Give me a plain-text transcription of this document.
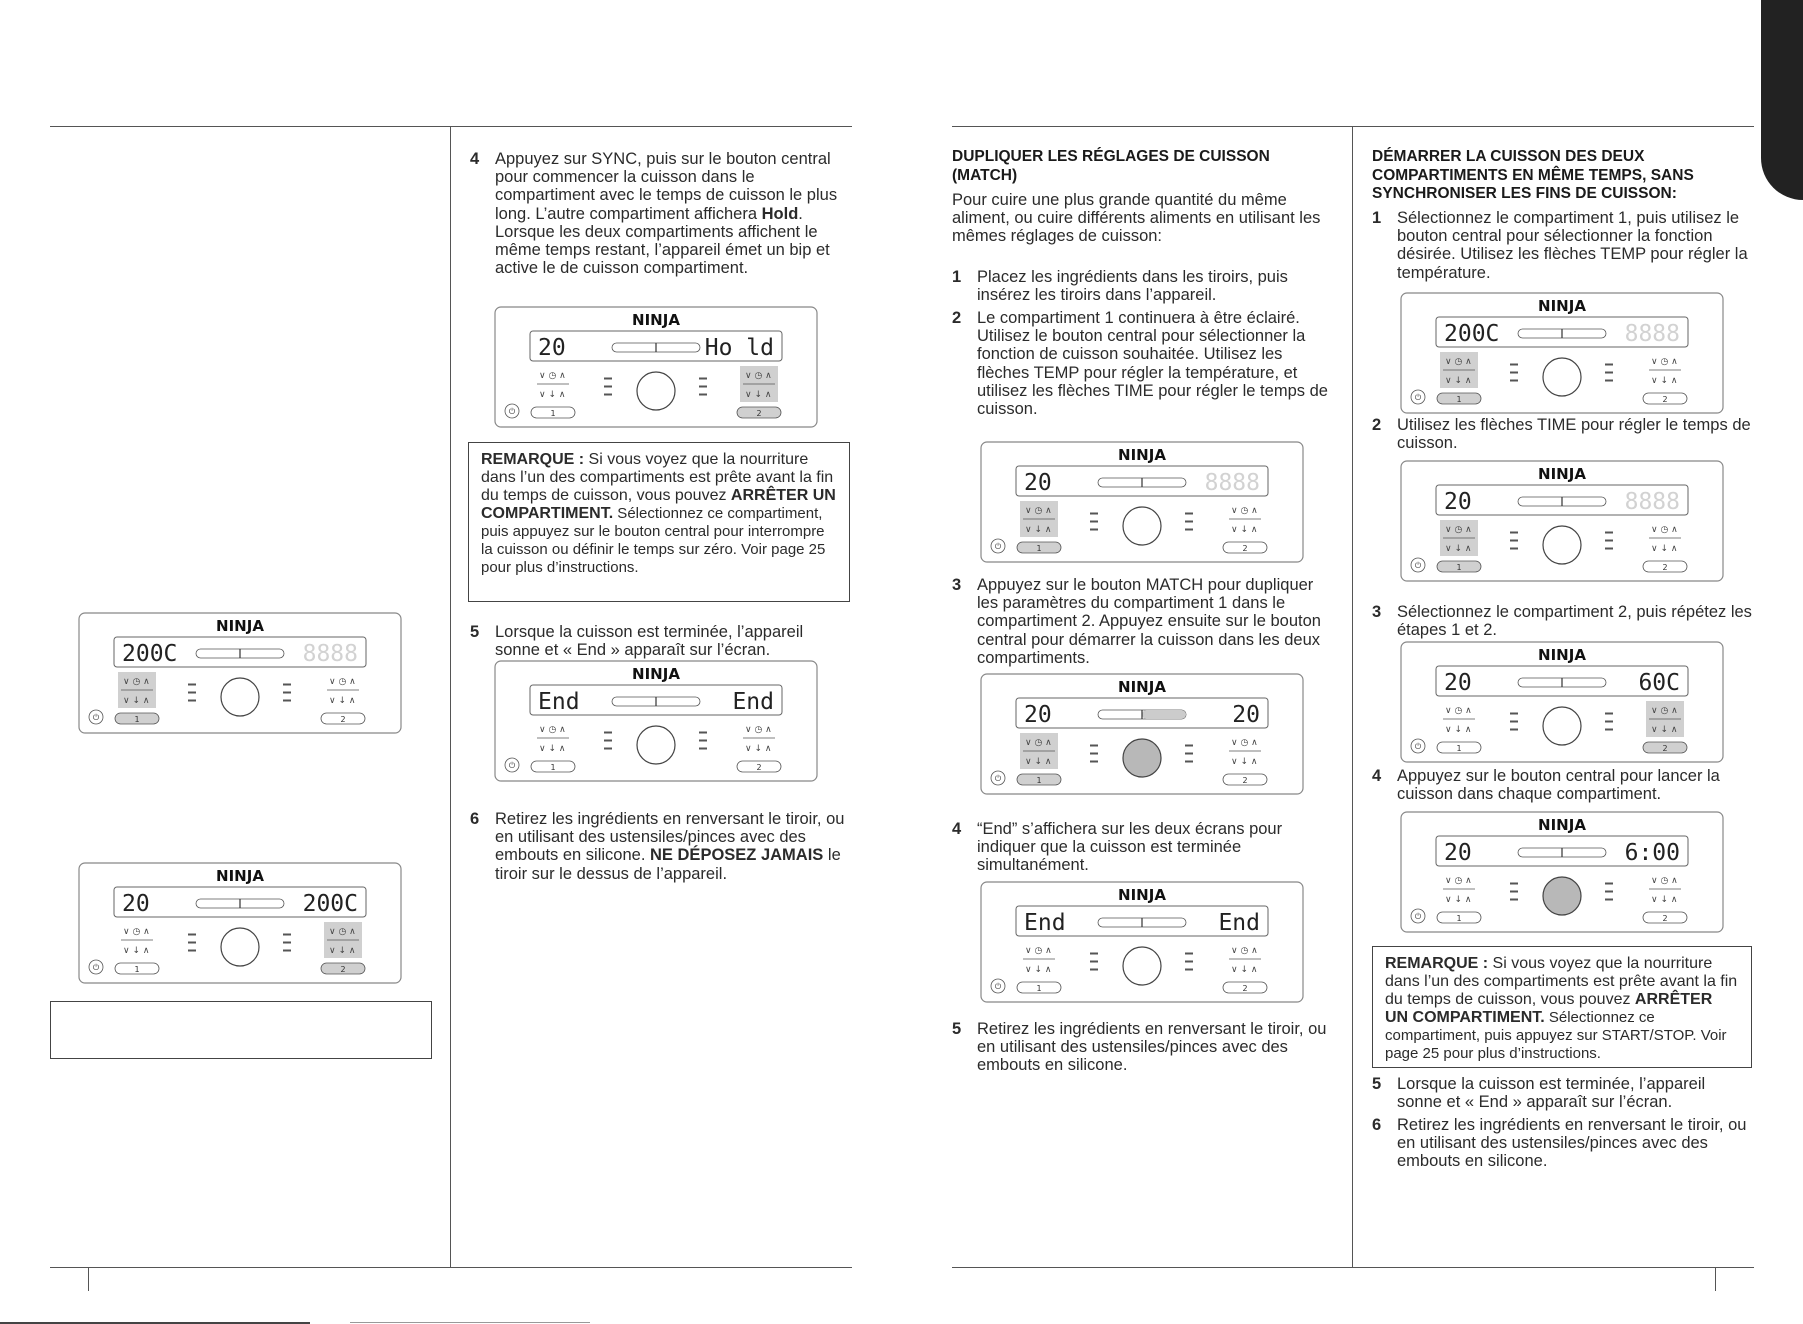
NINJA
200C	8888
∨ ◷ ∧
∨ ↓ ∧
1
∨ ◷ ∧
∨ ↓ ∧
2
⏻
NINJA
20	200C
∨ ◷ ∧
∨ ↓ ∧
1
∨ ◷ ∧
∨ ↓ ∧
2
⏻
4 Appuyez sur SYNC, puis sur le bouton central pour commencer la cuisson dans le compartiment avec le temps de cuisson le plus long. L’autre compartiment affichera Hold. Lorsque les deux compartiments affichent le même temps restant, l’appareil émet un bip et active le de cuisson compartiment.
NINJA
20	Ho ld
∨ ◷ ∧
∨ ↓ ∧
1
∨ ◷ ∧
∨ ↓ ∧
2
⏻
REMARQUE : Si vous voyez que la nourriture dans l’un des compartiments est prête avant la fin du temps de cuisson, vous pouvez ARRÊTER UN COMPARTIMENT. Sélectionnez ce compartiment, puis appuyez sur le bouton central pour interrompre la cuisson ou définir le temps sur zéro. Voir page 25 pour plus d’instructions.
5 Lorsque la cuisson est terminée, l’appareil sonne et « End » apparaît sur l’écran.
NINJA
End	End
∨ ◷ ∧
∨ ↓ ∧
1
∨ ◷ ∧
∨ ↓ ∧
2
⏻
6 Retirez les ingrédients en renversant le tiroir, ou en utilisant des ustensiles/pinces avec des embouts en silicone. NE DÉPOSEZ JAMAIS le tiroir sur le dessus de l’appareil.
DUPLIQUER LES RÉGLAGES DE CUISSON (MATCH)
Pour cuire une plus grande quantité du même aliment, ou cuire différents aliments en utilisant les mêmes réglages de cuisson:
1 Placez les ingrédients dans les tiroirs, puis insérez les tiroirs dans l’appareil.
2 Le compartiment 1 continuera à être éclairé. Utilisez le bouton central pour sélectionner la fonction de cuisson souhaitée. Utilisez les flèches TEMP pour régler la température, et utilisez les flèches TIME pour régler le temps de cuisson.
NINJA
20	8888
∨ ◷ ∧
∨ ↓ ∧
1
∨ ◷ ∧
∨ ↓ ∧
2
⏻
3 Appuyez sur le bouton MATCH pour dupliquer les paramètres du compartiment 1 dans le compartiment 2. Appuyez ensuite sur le bouton central pour démarrer la cuisson dans les deux compartiments.
NINJA
20	20
∨ ◷ ∧
∨ ↓ ∧
1
∨ ◷ ∧
∨ ↓ ∧
2
⏻
4 “End” s’affichera sur les deux écrans pour indiquer que la cuisson est terminée simultanément.
NINJA
End	End
∨ ◷ ∧
∨ ↓ ∧
1
∨ ◷ ∧
∨ ↓ ∧
2
⏻
5 Retirez les ingrédients en renversant le tiroir, ou en utilisant des ustensiles/pinces avec des embouts en silicone.
DÉMARRER LA CUISSON DES DEUX COMPARTIMENTS EN MÊME TEMPS, SANS SYNCHRONISER LES FINS DE CUISSON:
1 Sélectionnez le compartiment 1, puis utilisez le bouton central pour sélectionner la fonction désirée. Utilisez les flèches TEMP pour régler la température.
NINJA
200C	8888
∨ ◷ ∧
∨ ↓ ∧
1
∨ ◷ ∧
∨ ↓ ∧
2
⏻
2 Utilisez les flèches TIME pour régler le temps de cuisson.
NINJA
20	8888
∨ ◷ ∧
∨ ↓ ∧
1
∨ ◷ ∧
∨ ↓ ∧
2
⏻
3 Sélectionnez le compartiment 2, puis répétez les étapes 1 et 2.
NINJA
20	60C
∨ ◷ ∧
∨ ↓ ∧
1
∨ ◷ ∧
∨ ↓ ∧
2
⏻
4 Appuyez sur le bouton central pour lancer la cuisson dans chaque compartiment.
NINJA
20	6:00
∨ ◷ ∧
∨ ↓ ∧
1
∨ ◷ ∧
∨ ↓ ∧
2
⏻
REMARQUE : Si vous voyez que la nourriture dans l’un des compartiments est prête avant la fin du temps de cuisson, vous pouvez ARRÊTER UN COMPARTIMENT. Sélectionnez ce compartiment, puis appuyez sur START/STOP. Voir page 25 pour plus d’instructions.
5 Lorsque la cuisson est terminée, l’appareil sonne et « End » apparaît sur l’écran.
6 Retirez les ingrédients en renversant le tiroir, ou en utilisant des ustensiles/pinces avec des embouts en silicone.
